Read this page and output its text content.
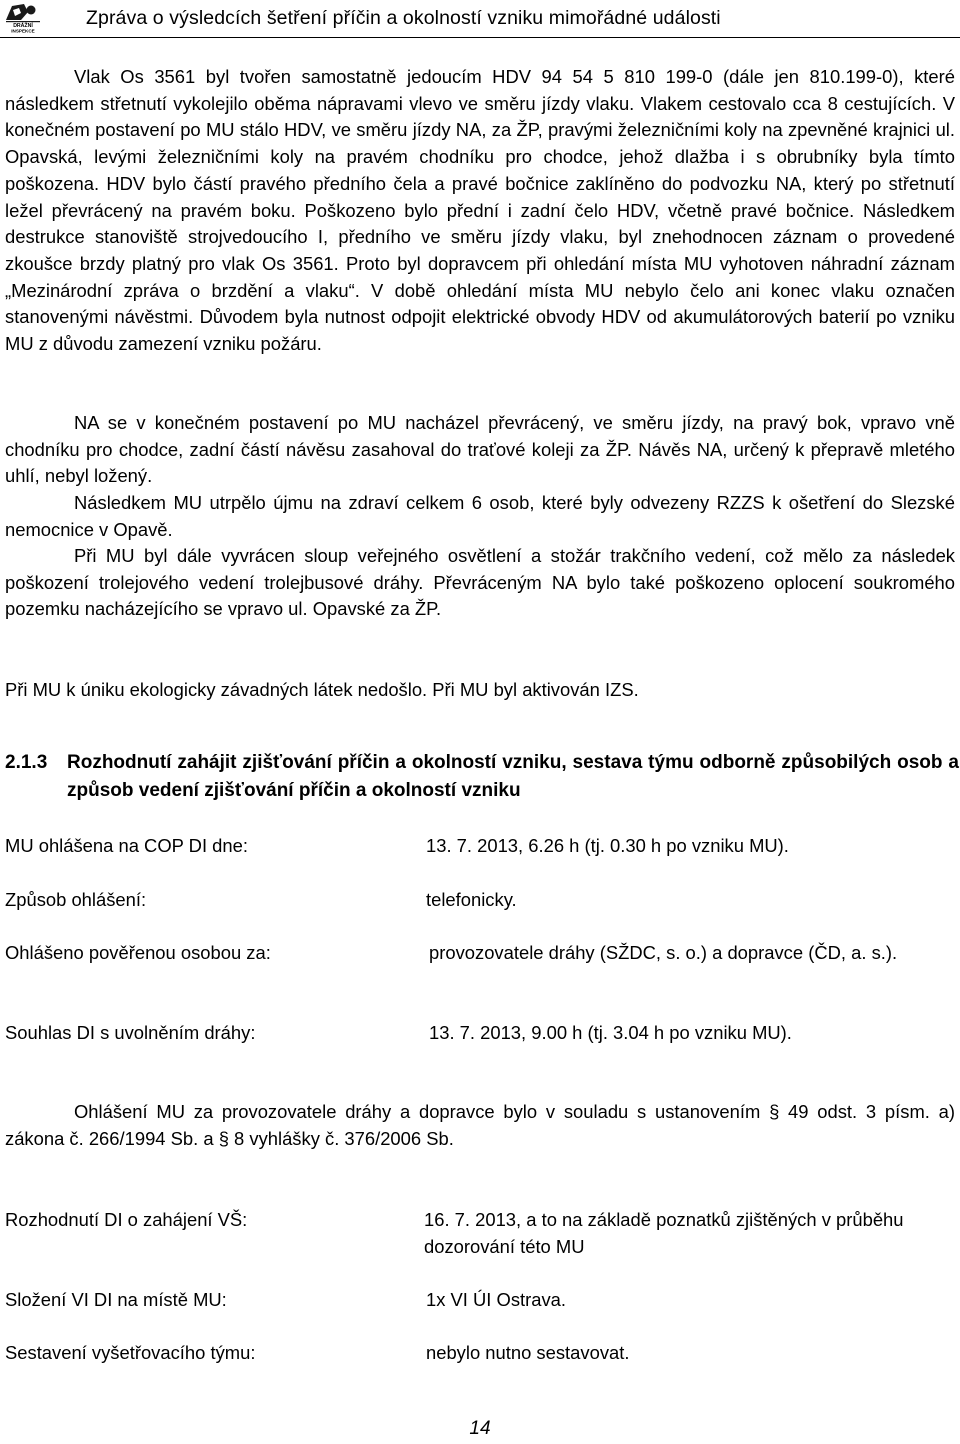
DRÁŽNÍ
INSPEKCE
Zpráva o výsledcích šetření příčin a okolností vzniku mimořádné události

Vlak Os 3561 byl tvořen samostatně jedoucím HDV 94 54 5 810 199-0 (dále jen 810.199-0), které následkem střetnutí vykolejilo oběma nápravami vlevo ve směru jízdy vlaku. Vlakem cestovalo cca 8 cestujících. V konečném postavení po MU stálo HDV, ve směru jízdy NA, za ŽP, pravými železničními koly na zpevněné krajnici ul. Opavská, levými železničními koly na pravém chodníku pro chodce, jehož dlažba i s obrubníky byla tímto poškozena. HDV bylo částí pravého předního čela a pravé bočnice zaklíněno do podvozku NA, který po střetnutí ležel převrácený na pravém boku. Poškozeno bylo přední i zadní čelo HDV, včetně pravé bočnice. Následkem destrukce stanoviště strojvedoucího I, předního ve směru jízdy vlaku, byl znehodnocen záznam o provedené zkoušce brzdy platný pro vlak Os 3561. Proto byl dopravcem při ohledání místa MU vyhotoven náhradní záznam „Mezinárodní zpráva o brzdění a vlaku“. V době ohledání místa MU nebylo čelo ani konec vlaku označen stanovenými návěstmi. Důvodem byla nutnost odpojit elektrické obvody HDV od akumulátorových baterií po vzniku MU z důvodu zamezení vzniku požáru.

NA se v konečném postavení po MU nacházel převrácený, ve směru jízdy, na pravý bok, vpravo vně chodníku pro chodce, zadní částí návěsu zasahoval do traťové koleji za ŽP. Návěs NA, určený k přepravě mletého uhlí, nebyl ložený.

Následkem MU utrpělo újmu na zdraví celkem 6 osob, které byly odvezeny RZZS k ošetření do Slezské nemocnice v Opavě.

Při MU byl dále vyvrácen sloup veřejného osvětlení a stožár trakčního vedení, což mělo za následek poškození trolejového vedení trolejbusové dráhy. Převráceným NA bylo také poškozeno oplocení soukromého pozemku nacházejícího se vpravo ul. Opavské za ŽP.

Při MU k úniku ekologicky závadných látek nedošlo. Při MU byl aktivován IZS.

2.1.3 Rozhodnutí zahájit zjišťování příčin a okolností vzniku, sestava týmu odborně způsobilých osob a způsob vedení zjišťování příčin a okolností vzniku
MU ohlášena na COP DI dne:	13. 7. 2013, 6.26 h (tj. 0.30 h po vzniku MU).
Způsob ohlášení:	telefonicky.
Ohlášeno pověřenou osobou za:	provozovatele dráhy (SŽDC, s. o.) a dopravce (ČD, a. s.).
Souhlas DI s uvolněním dráhy:	13. 7. 2013, 9.00 h (tj. 3.04 h po vzniku MU).

Ohlášení MU za provozovatele dráhy a dopravce bylo v souladu s ustanovením § 49 odst. 3 písm. a) zákona č. 266/1994 Sb. a § 8 vyhlášky č. 376/2006 Sb.

Rozhodnutí DI o zahájení VŠ:	16. 7. 2013, a to na základě poznatků zjištěných v průběhu dozorování této MU
Složení VI DI na místě MU:	1x VI ÚI Ostrava.
Sestavení vyšetřovacího týmu:	nebylo nutno sestavovat.
14
